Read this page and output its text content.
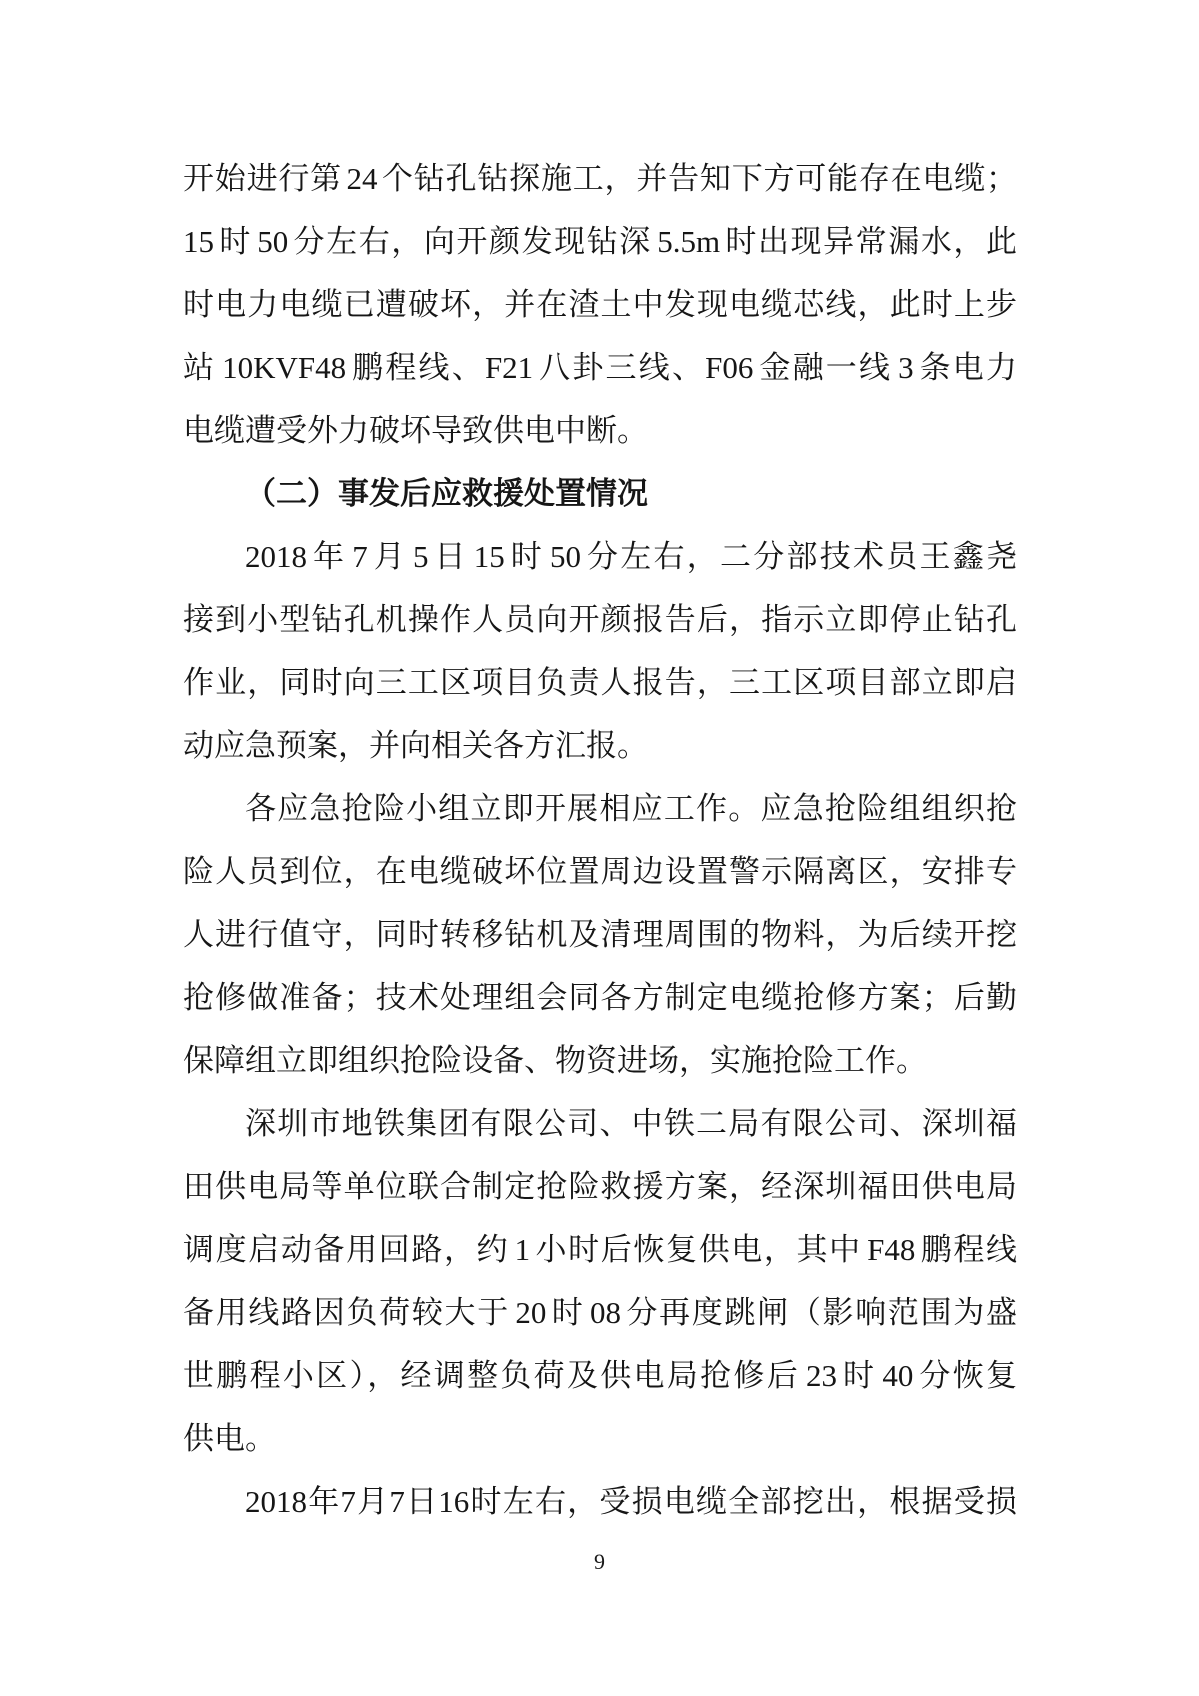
开始进行第 24 个钻孔钻探施工，并告知下方可能存在电缆；
15 时 50 分左右，向开颜发现钻深 5.5m 时出现异常漏水，此
时电力电缆已遭破坏，并在渣土中发现电缆芯线，此时上步
站 10KVF48 鹏程线、F21 八卦三线、F06 金融一线 3 条电力
电缆遭受外力破坏导致供电中断。
（二）事发后应救援处置情况
2018 年 7 月 5 日 15 时 50 分左右，二分部技术员王鑫尧
接到小型钻孔机操作人员向开颜报告后，指示立即停止钻孔
作业，同时向三工区项目负责人报告，三工区项目部立即启
动应急预案，并向相关各方汇报。
各应急抢险小组立即开展相应工作。应急抢险组组织抢
险人员到位，在电缆破坏位置周边设置警示隔离区，安排专
人进行值守，同时转移钻机及清理周围的物料，为后续开挖
抢修做准备；技术处理组会同各方制定电缆抢修方案；后勤
保障组立即组织抢险设备、物资进场，实施抢险工作。
深圳市地铁集团有限公司、中铁二局有限公司、深圳福
田供电局等单位联合制定抢险救援方案，经深圳福田供电局
调度启动备用回路，约 1 小时后恢复供电，其中 F48 鹏程线
备用线路因负荷较大于 20 时 08 分再度跳闸（影响范围为盛
世鹏程小区），经调整负荷及供电局抢修后 23 时 40 分恢复
供电。
2018年7月7日16时左右，受损电缆全部挖出，根据受损
9
